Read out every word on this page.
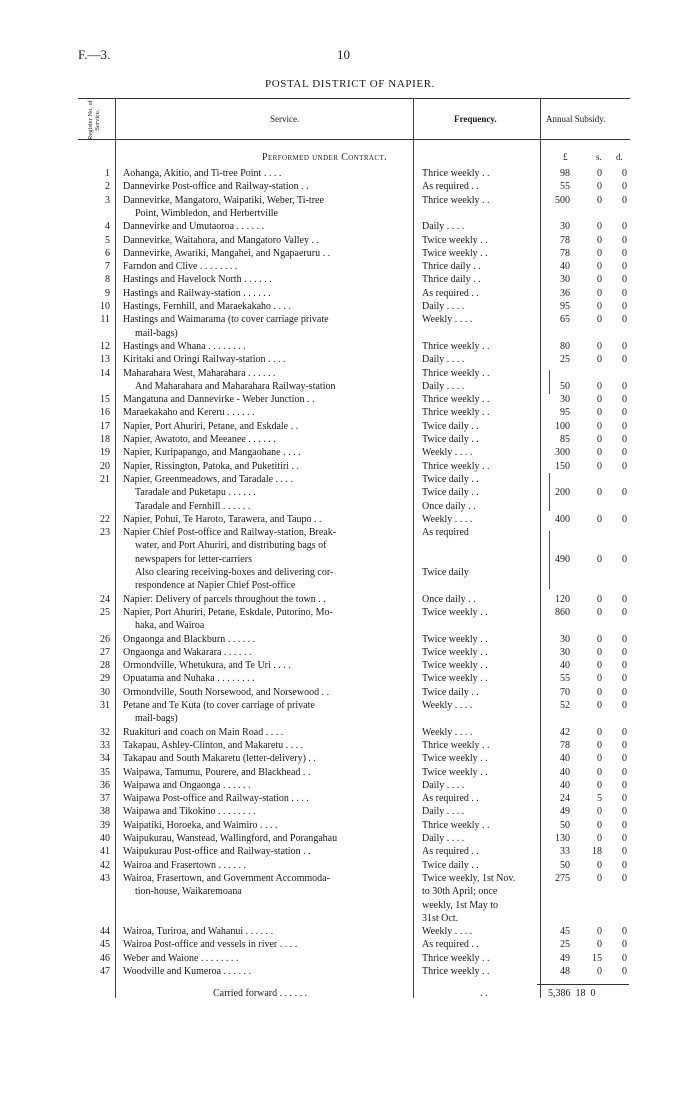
F.—3.	10
POSTAL DISTRICT OF NAPIER.
Register No. of Service.	Service.	Frequency.	Annual Subsidy.
Performed under Contract.	£	s. d.
1 Aohanga, Akitio, and Ti-tree Point . . . .	Thrice weekly . .	98	0	0
2 Dannevirke Post-office and Railway-station . .	As required . .	55	0	0
3 Dannevirke, Mangatoro, Waipatiki, Weber, Ti-tree	Thrice weekly . .	500	0	0
Point, Wimbledon, and Herbertville
4 Dannevirke and Umutaoroa . . . . . .	Daily . . . .	30	0	0
5 Dannevirke, Waitahora, and Mangatoro Valley . .	Twice weekly . .	78	0	0
6 Dannevirke, Awariki, Mangahei, and Ngapaeruru . .	Twice weekly . .	78	0	0
7 Farndon and Clive . . . . . . . .	Thrice daily . .	40	0	0
8 Hastings and Havelock North . . . . . .	Thrice daily . .	30	0	0
9 Hastings and Railway-station . . . . . .	As required . .	36	0	0
10 Hastings, Fernhill, and Maraekakaho . . . .	Daily . . . .	95	0	0
11 Hastings and Waimarama (to cover carriage private	Weekly . . . .	65	0	0
mail-bags)
12 Hastings and Whana . . . . . . . .	Thrice weekly . .	80	0	0
13 Kiritaki and Oringi Railway-station . . . .	Daily . . . .	25	0	0
14 Maharahara West, Maharahara . . . . . .	Thrice weekly . .
And Maharahara and Maharahara Railway-station	Daily . . . .	50	0	0
15 Mangatuna and Dannevirke - Weber Junction . .	Thrice weekly . .	30	0	0
16 Maraekakaho and Kereru . . . . . .	Thrice weekly . .	95	0	0
17 Napier, Port Ahuriri, Petane, and Eskdale . .	Twice daily . .	100	0	0
18 Napier, Awatoto, and Meeanee . . . . . .	Twice daily . .	85	0	0
19 Napier, Kuripapango, and Mangaohane . . . .	Weekly . . . .	300	0	0
20 Napier, Rissington, Patoka, and Puketitiri . .	Thrice weekly . .	150	0	0
21 Napier, Greenmeadows, and Taradale . . . .	Twice daily . .
Taradale and Puketapu . . . . . .	Twice daily . .	200	0	0
Taradale and Fernhill . . . . . .	Once daily . .
22 Napier, Pohui, Te Haroto, Tarawera, and Taupo . .	Weekly . . . .	400	0	0
23 Napier Chief Post-office and Railway-station, Break-	As required
water, and Port Ahuriri, and distributing bags of
newspapers for letter-carriers	490	0	0
Also clearing receiving-boxes and delivering cor-	Twice daily
respondence at Napier Chief Post-office
24 Napier: Delivery of parcels throughout the town . .	Once daily . .	120	0	0
25 Napier, Port Ahuriri, Petane, Eskdale, Putorino, Mo-	Twice weekly . .	860	0	0
haka, and Wairoa
26 Ongaonga and Blackburn . . . . . .	Twice weekly . .	30	0	0
27 Ongaonga and Wakarara . . . . . .	Twice weekly . .	30	0	0
28 Ormondville, Whetukura, and Te Uri . . . .	Twice weekly . .	40	0	0
29 Opuatama and Nuhaka . . . . . . . .	Twice weekly . .	55	0	0
30 Ormondville, South Norsewood, and Norsewood . .	Twice daily . .	70	0	0
31 Petane and Te Kuta (to cover carriage of private	Weekly . . . .	52	0	0
mail-bags)
32 Ruakituri and coach on Main Road . . . .	Weekly . . . .	42	0	0
33 Takapau, Ashley-Clinton, and Makaretu . . . .	Thrice weekly . .	78	0	0
34 Takapau and South Makaretu (letter-delivery) . .	Twice weekly . .	40	0	0
35 Waipawa, Tamumu, Pourere, and Blackhead . .	Twice weekly . .	40	0	0
36 Waipawa and Ongaonga . . . . . .	Daily . . . .	40	0	0
37 Waipawa Post-office and Railway-station . . . .	As required . .	24	5	0
38 Waipawa and Tikokino . . . . . . . .	Daily . . . .	49	0	0
39 Waipatiki, Horoeka, and Waimiro . . . .	Thrice weekly . .	50	0	0
40 Waipukurau, Wanstead, Wallingford, and Porangahau	Daily . . . .	130	0	0
41 Waipukurau Post-office and Railway-station . .	As required . .	33	18	0
42 Wairoa and Frasertown . . . . . .	Twice daily . .	50	0	0
43 Wairoa, Frasertown, and Government Accommoda-	Twice weekly, 1st Nov.	275	0	0
tion-house, Waikaremoana	to 30th April; once
weekly, 1st May to
31st Oct.
44 Wairoa, Turiroa, and Wahanui . . . . . .	Weekly . . . .	45	0	0
45 Wairoa Post-office and vessels in river . . . .	As required . .	25	0	0
46 Weber and Waione . . . . . . . .	Thrice weekly . .	49	15	0
47 Woodville and Kumeroa . . . . . .	Thrice weekly . .	48	0	0
Carried forward . . . . . .	. .	5,386 18 0
